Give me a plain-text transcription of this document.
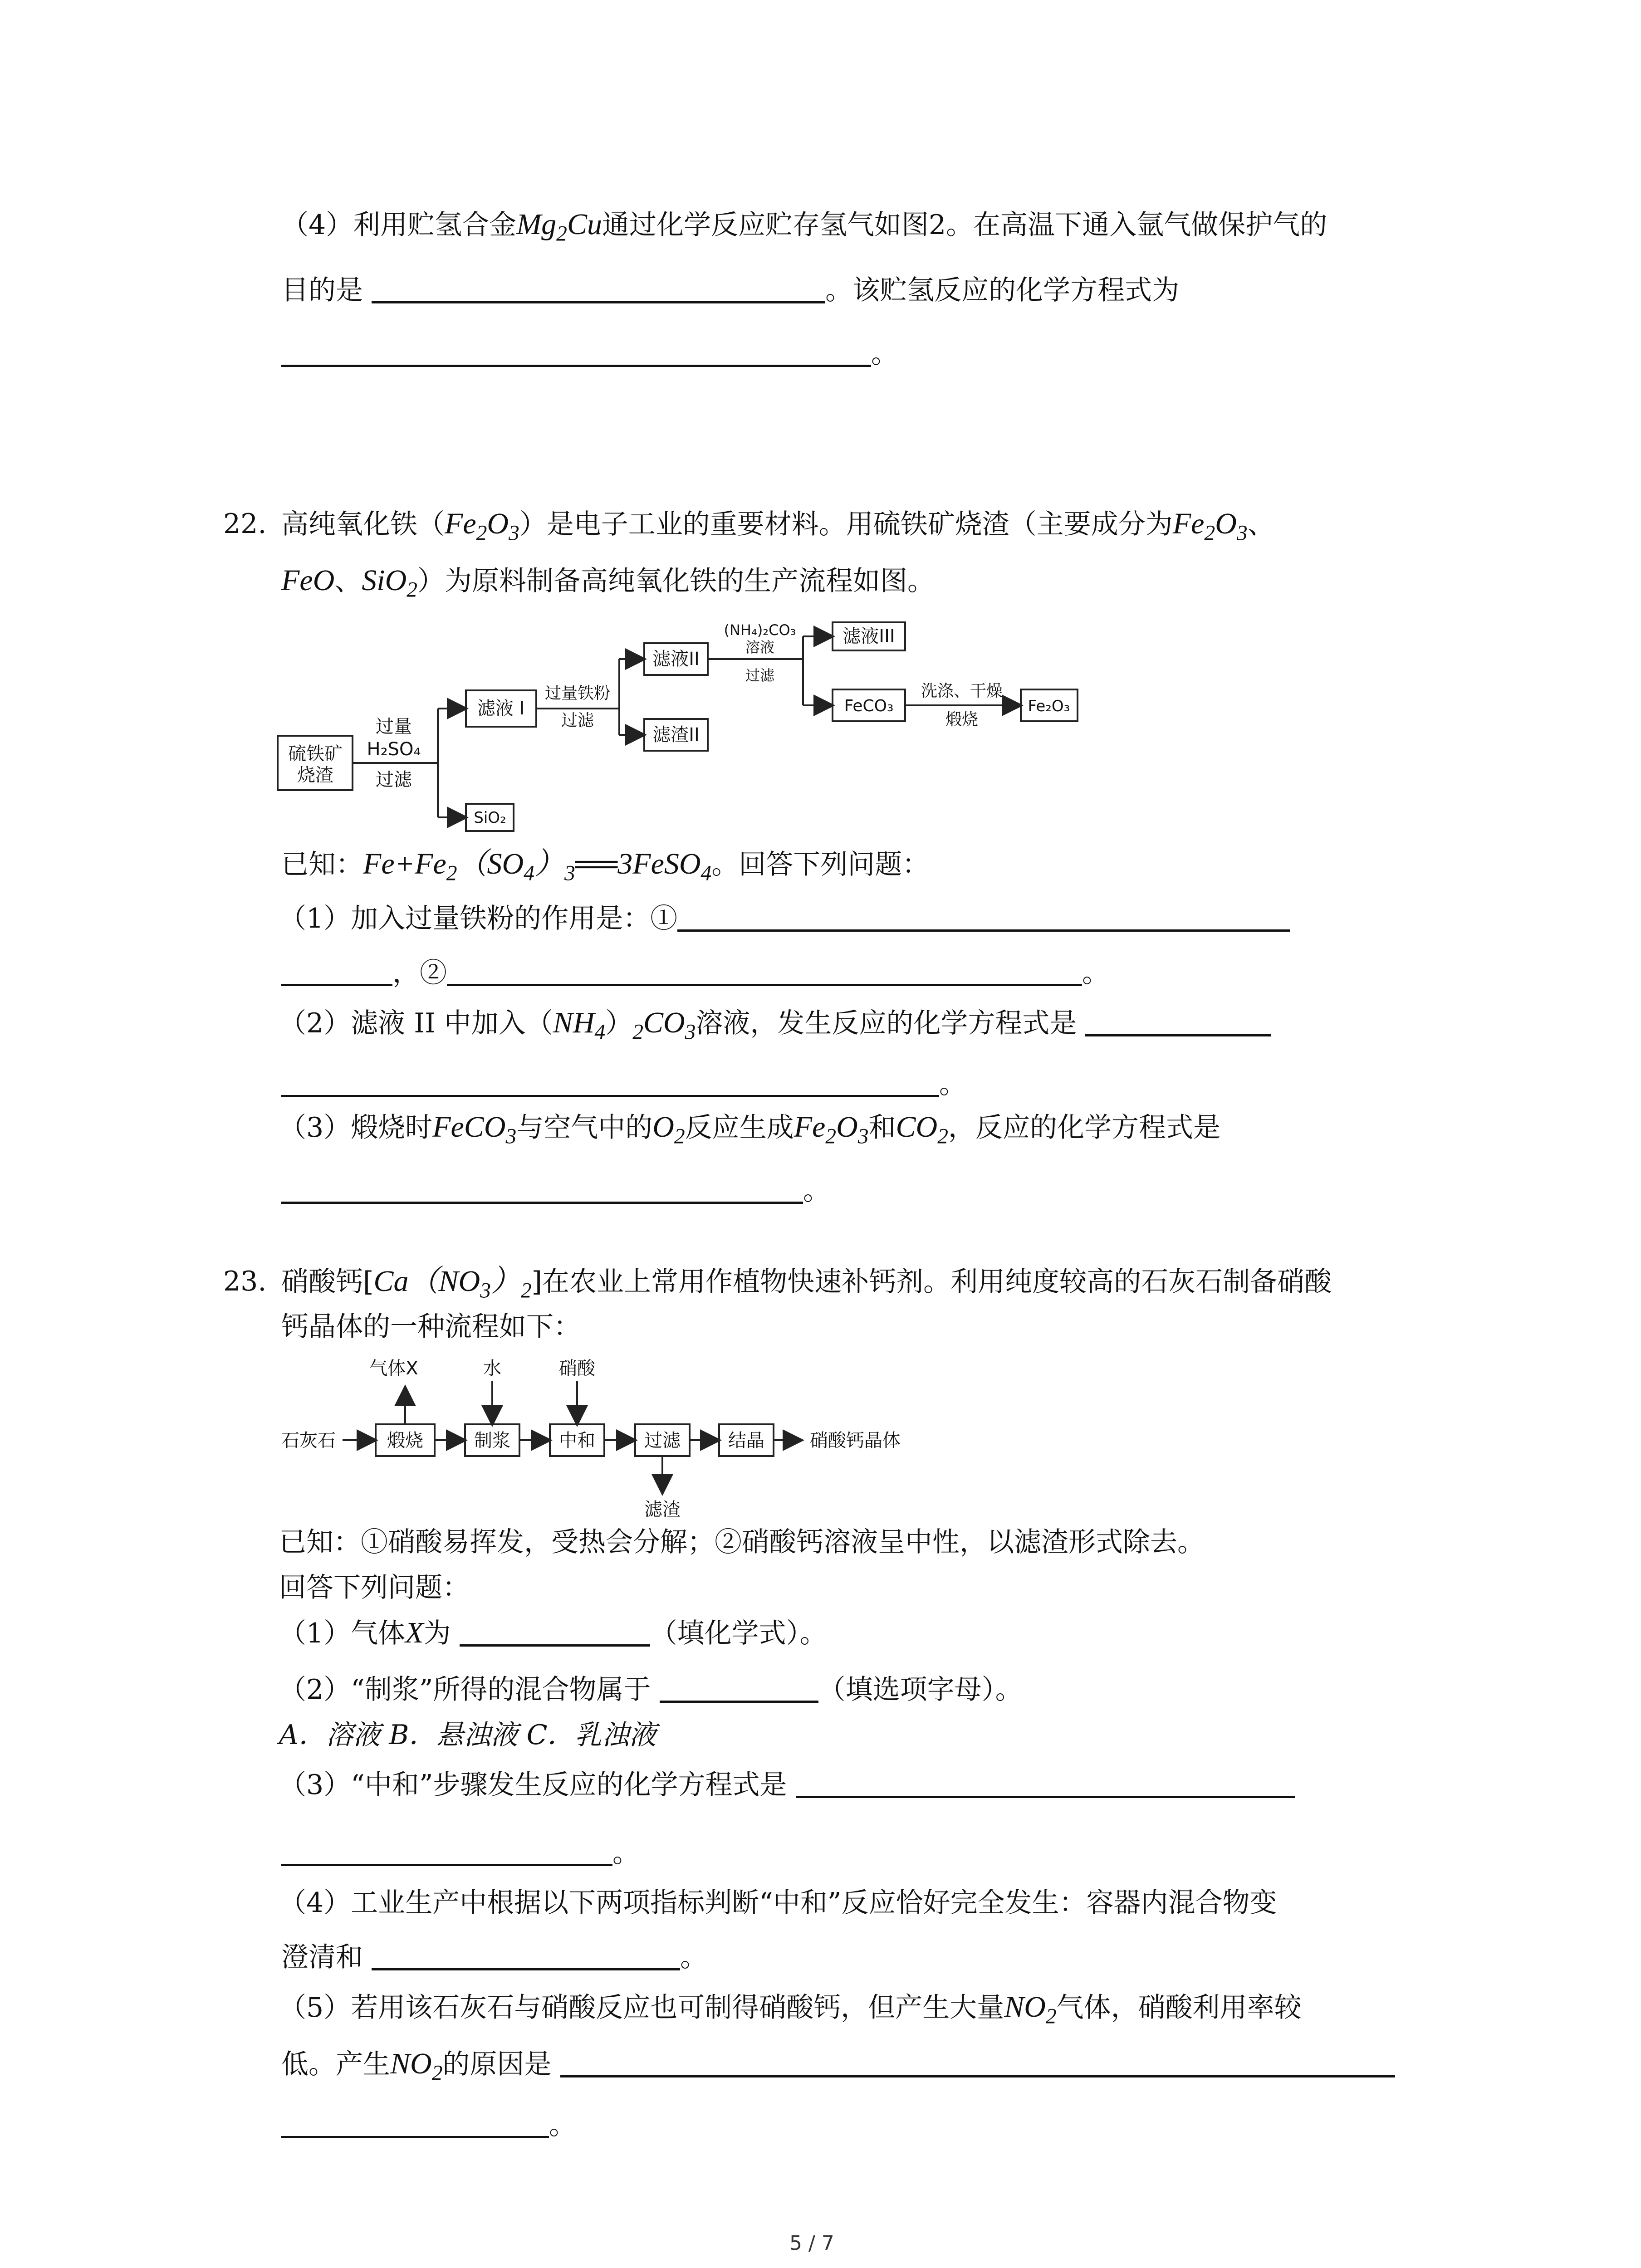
（4）利用贮氢合金$Mg_2Cu$通过化学反应贮存氢气如图2。在高温下通入氩气做保护气的
目的是	。该贮氢反应的化学方程式为
。
22. 高纯氧化铁$(Fe_2O_3)$是电子工业的重要材料。用硫铁矿烧渣（主要成分为$Fe_2O_3$、
FeO、SiO$_2$）为原料制备高纯氧化铁的生产流程如图。
硫铁矿
烧渣
过量
H₂SO₄
过滤
滤液 I
SiO₂
过量铁粉
过滤
滤液II
滤渣II
(NH₄)₂CO₃
溶液
过滤
滤液III
FeCO₃
洗涤、干燥
煅烧
Fe₂O₃
已知：$Fe+Fe_2(SO_4)_3══3FeSO_4$。回答下列问题：
（1）加入过量铁粉的作用是：①
，②	。
（2）滤液 II 中加入$(NH_4)_2CO_3$溶液，发生反应的化学方程式是
。
（3）煅烧时FeCO$_3$与空气中的$O_2$反应生成$Fe_2O_3$和$CO_2$，反应的化学方程式是
。
23. 硝酸钙$[Ca(NO_3)_2]$在农业上常用作植物快速补钙剂。利用纯度较高的石灰石制备硝酸
钙晶体的一种流程如下：
气体X	水	硝酸
石灰石	煅烧	制浆	中和	过滤	结晶	硝酸钙晶体
滤渣
已知：①硝酸易挥发，受热会分解；②硝酸钙溶液呈中性，以滤渣形式除去。
回答下列问题：
（1）气体X为	（填化学式）。
（2）“制浆”所得的混合物属于	（填选项字母）。
A．溶液 B．悬浊液 C．乳浊液
（3）“中和”步骤发生反应的化学方程式是
。
（4）工业生产中根据以下两项指标判断“中和”反应恰好完全发生：容器内混合物变
澄清和	。
（5）若用该石灰石与硝酸反应也可制得硝酸钙，但产生大量$NO_2$气体，硝酸利用率较
低。产生$NO_2$的原因是
。
5 / 7
